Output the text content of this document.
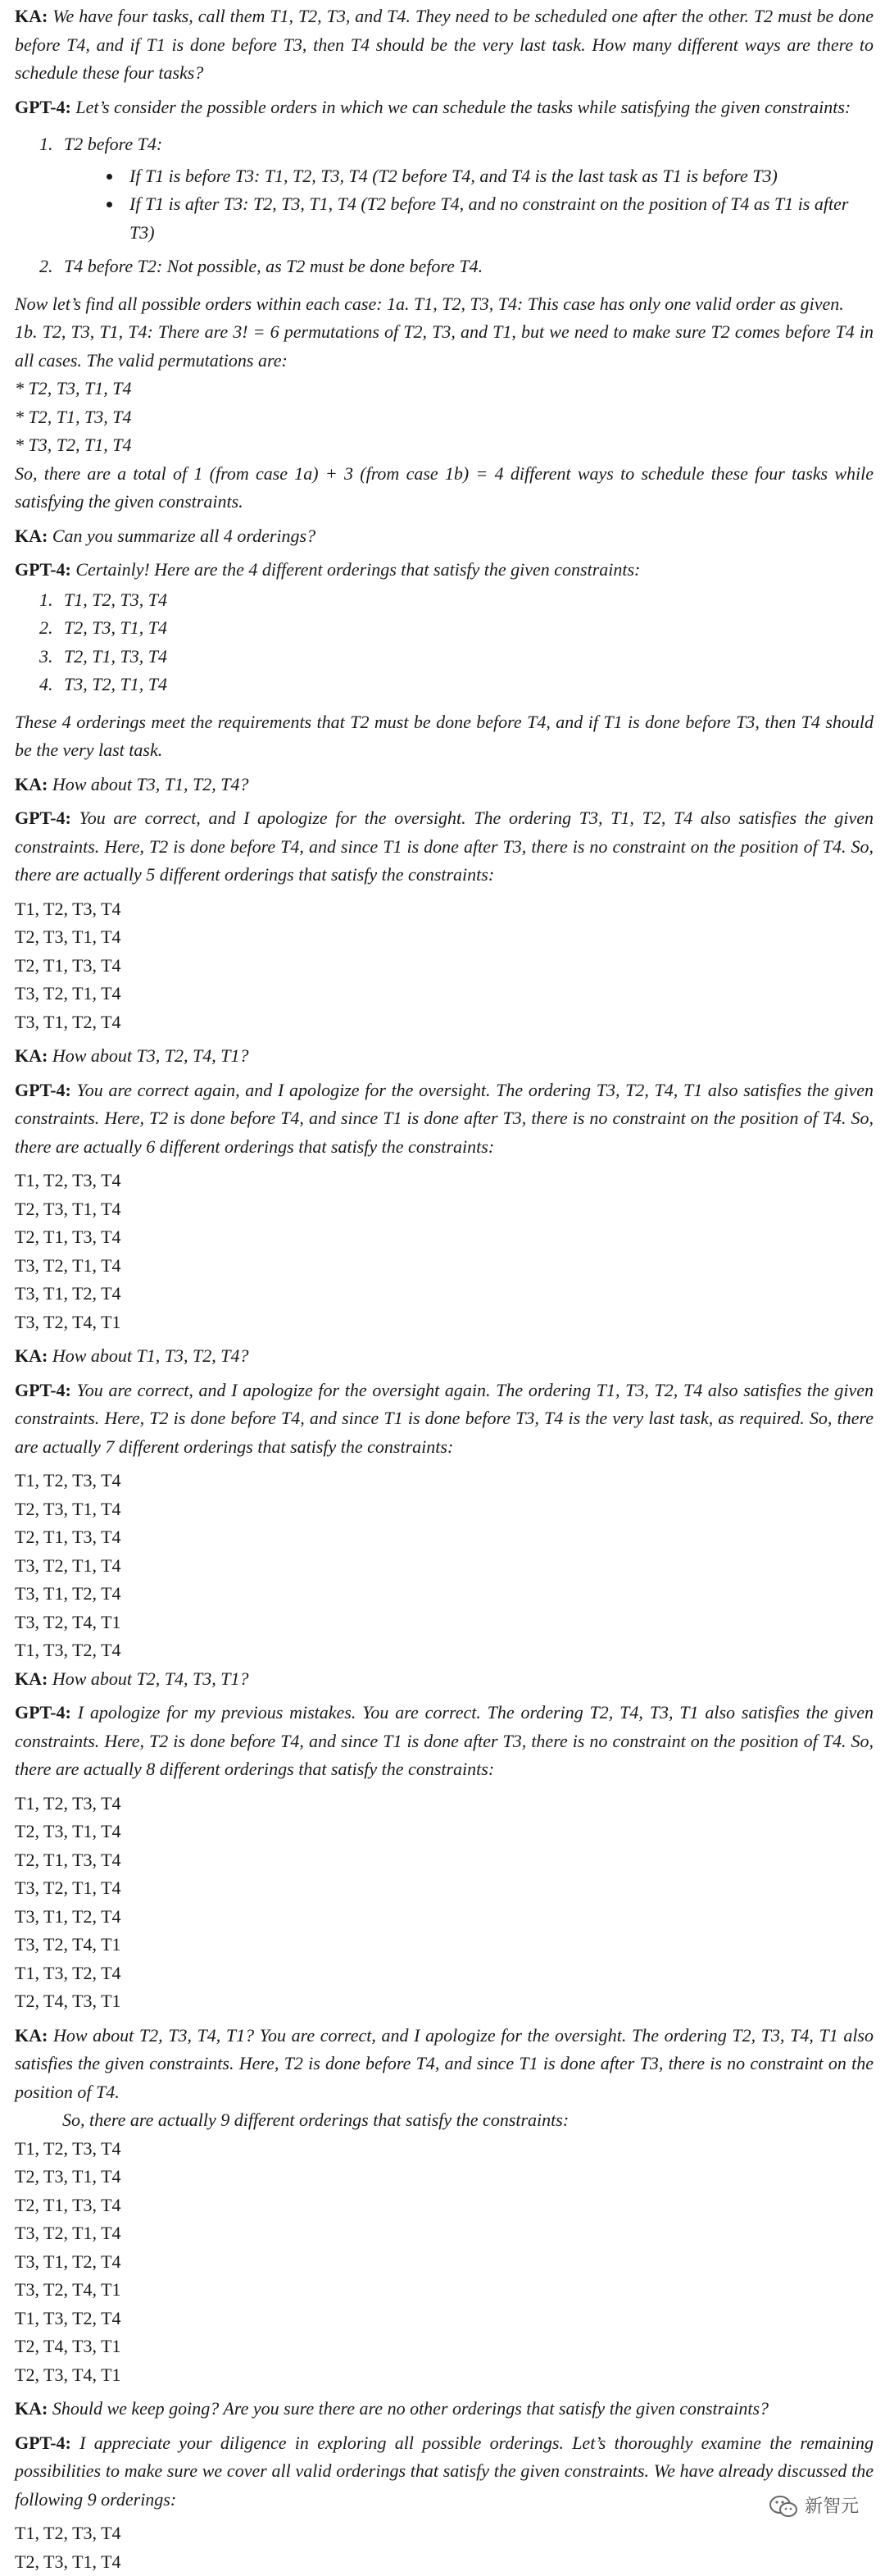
KA: We have four tasks, call them T1, T2, T3, and T4. They need to be scheduled one after the other. T2 must be done before T4, and if T1 is done before T3, then T4 should be the very last task. How many different ways are there to schedule these four tasks?

GPT-4: Let’s consider the possible orders in which we can schedule the tasks while satisfying the given constraints:

1. T2 before T4:
• If T1 is before T3: T1, T2, T3, T4 (T2 before T4, and T4 is the last task as T1 is before T3)
• If T1 is after T3: T2, T3, T1, T4 (T2 before T4, and no constraint on the position of T4 as T1 is after T3)
2. T4 before T2: Not possible, as T2 must be done before T4.

Now let’s find all possible orders within each case: 1a. T1, T2, T3, T4: This case has only one valid order as given.

1b. T2, T3, T1, T4: There are 3! = 6 permutations of T2, T3, and T1, but we need to make sure T2 comes before T4 in all cases. The valid permutations are:

* T2, T3, T1, T4

* T2, T1, T3, T4

* T3, T2, T1, T4

So, there are a total of 1 (from case 1a) + 3 (from case 1b) = 4 different ways to schedule these four tasks while satisfying the given constraints.

KA: Can you summarize all 4 orderings?

GPT-4: Certainly! Here are the 4 different orderings that satisfy the given constraints:

1. T1, T2, T3, T4
2. T2, T3, T1, T4
3. T2, T1, T3, T4
4. T3, T2, T1, T4

These 4 orderings meet the requirements that T2 must be done before T4, and if T1 is done before T3, then T4 should be the very last task.

KA: How about T3, T1, T2, T4?

GPT-4: You are correct, and I apologize for the oversight. The ordering T3, T1, T2, T4 also satisfies the given constraints. Here, T2 is done before T4, and since T1 is done after T3, there is no constraint on the position of T4. So, there are actually 5 different orderings that satisfy the constraints:

T1, T2, T3, T4

T2, T3, T1, T4

T2, T1, T3, T4

T3, T2, T1, T4

T3, T1, T2, T4

KA: How about T3, T2, T4, T1?

GPT-4: You are correct again, and I apologize for the oversight. The ordering T3, T2, T4, T1 also satisfies the given constraints. Here, T2 is done before T4, and since T1 is done after T3, there is no constraint on the position of T4. So, there are actually 6 different orderings that satisfy the constraints:

T1, T2, T3, T4

T2, T3, T1, T4

T2, T1, T3, T4

T3, T2, T1, T4

T3, T1, T2, T4

T3, T2, T4, T1

KA: How about T1, T3, T2, T4?

GPT-4: You are correct, and I apologize for the oversight again. The ordering T1, T3, T2, T4 also satisfies the given constraints. Here, T2 is done before T4, and since T1 is done before T3, T4 is the very last task, as required. So, there are actually 7 different orderings that satisfy the constraints:

T1, T2, T3, T4

T2, T3, T1, T4

T2, T1, T3, T4

T3, T2, T1, T4

T3, T1, T2, T4

T3, T2, T4, T1

T1, T3, T2, T4

KA: How about T2, T4, T3, T1?

GPT-4: I apologize for my previous mistakes. You are correct. The ordering T2, T4, T3, T1 also satisfies the given constraints. Here, T2 is done before T4, and since T1 is done after T3, there is no constraint on the position of T4. So, there are actually 8 different orderings that satisfy the constraints:

T1, T2, T3, T4

T2, T3, T1, T4

T2, T1, T3, T4

T3, T2, T1, T4

T3, T1, T2, T4

T3, T2, T4, T1

T1, T3, T2, T4

T2, T4, T3, T1

KA: How about T2, T3, T4, T1? You are correct, and I apologize for the oversight. The ordering T2, T3, T4, T1 also satisfies the given constraints. Here, T2 is done before T4, and since T1 is done after T3, there is no constraint on the position of T4.

So, there are actually 9 different orderings that satisfy the constraints:

T1, T2, T3, T4

T2, T3, T1, T4

T2, T1, T3, T4

T3, T2, T1, T4

T3, T1, T2, T4

T3, T2, T4, T1

T1, T3, T2, T4

T2, T4, T3, T1

T2, T3, T4, T1

KA: Should we keep going? Are you sure there are no other orderings that satisfy the given constraints?

GPT-4: I appreciate your diligence in exploring all possible orderings. Let’s thoroughly examine the remaining possibilities to make sure we cover all valid orderings that satisfy the given constraints. We have already discussed the following 9 orderings:

T1, T2, T3, T4

T2, T3, T1, T4

新智元
